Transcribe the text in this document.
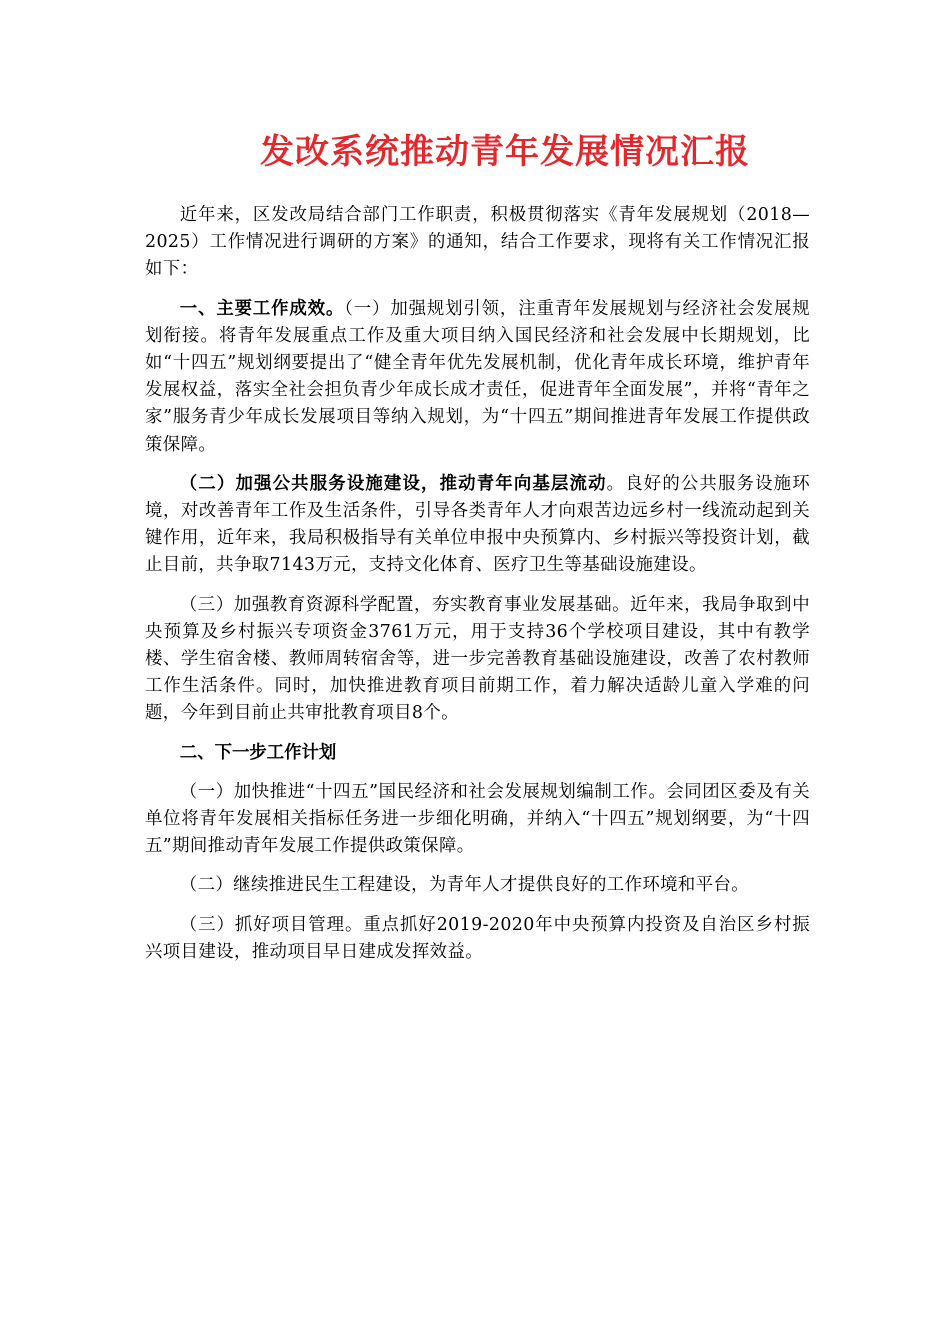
发改系统推动青年发展情况汇报

近年来，区发改局结合部门工作职责，积极贯彻落实《青年发展规划（2018—2025）工作情况进行调研的方案》的通知，结合工作要求，现将有关工作情况汇报如下：

一、主要工作成效。（一）加强规划引领，注重青年发展规划与经济社会发展规划衔接。将青年发展重点工作及重大项目纳入国民经济和社会发展中长期规划，比如“十四五”规划纲要提出了“健全青年优先发展机制，优化青年成长环境，维护青年发展权益，落实全社会担负青少年成长成才责任，促进青年全面发展”，并将“青年之家”服务青少年成长发展项目等纳入规划，为“十四五”期间推进青年发展工作提供政策保障。

（二）加强公共服务设施建设，推动青年向基层流动。良好的公共服务设施环境，对改善青年工作及生活条件，引导各类青年人才向艰苦边远乡村一线流动起到关键作用，近年来，我局积极指导有关单位申报中央预算内、乡村振兴等投资计划，截止目前，共争取7143万元，支持文化体育、医疗卫生等基础设施建设。

（三）加强教育资源科学配置，夯实教育事业发展基础。近年来，我局争取到中央预算及乡村振兴专项资金3761万元，用于支持36个学校项目建设，其中有教学楼、学生宿舍楼、教师周转宿舍等，进一步完善教育基础设施建设，改善了农村教师工作生活条件。同时，加快推进教育项目前期工作，着力解决适龄儿童入学难的问题，今年到目前止共审批教育项目8个。

二、下一步工作计划

（一）加快推进“十四五”国民经济和社会发展规划编制工作。会同团区委及有关单位将青年发展相关指标任务进一步细化明确，并纳入“十四五”规划纲要，为“十四五”期间推动青年发展工作提供政策保障。

（二）继续推进民生工程建设，为青年人才提供良好的工作环境和平台。

（三）抓好项目管理。重点抓好2019-2020年中央预算内投资及自治区乡村振兴项目建设，推动项目早日建成发挥效益。
